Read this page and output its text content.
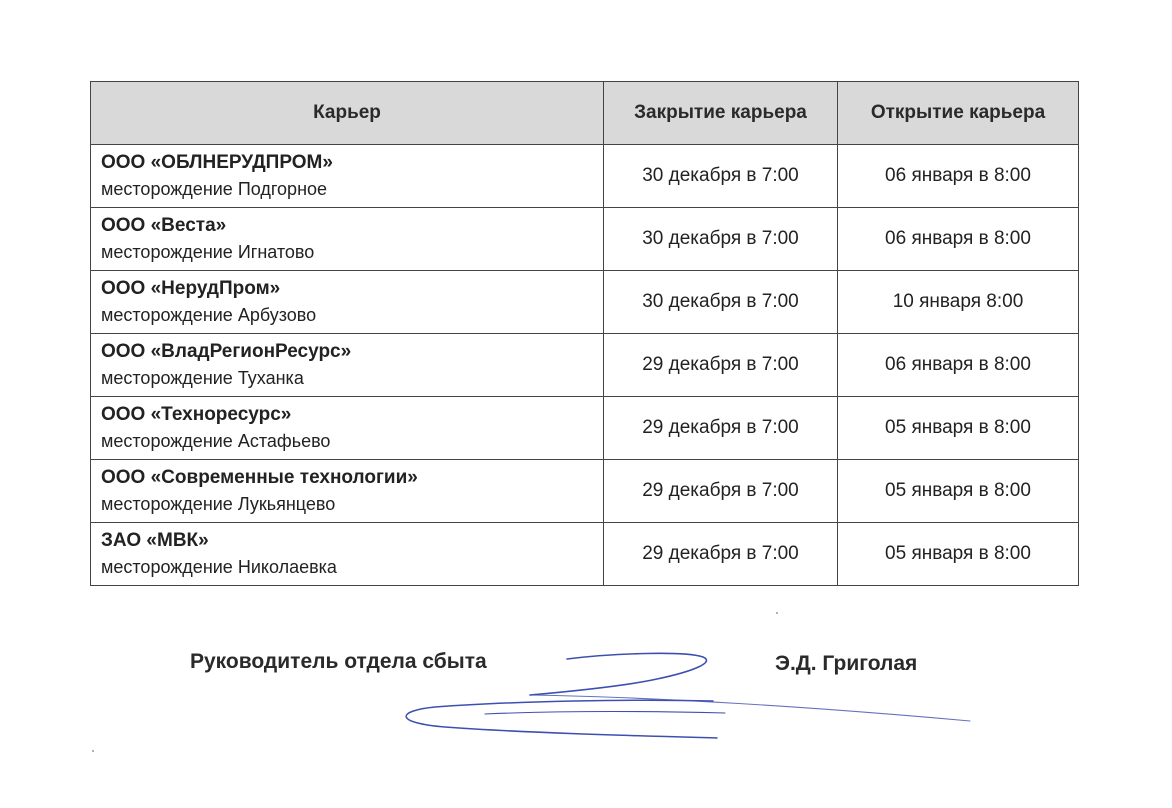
Карьер	Закрытие карьера	Открытие карьера

ООО «ОБЛНЕРУДПРОМ»
месторождение Подгорное	30 декабря в 7:00	06 января в 8:00

ООО «Веста»
месторождение Игнатово	30 декабря в 7:00	06 января в 8:00

ООО «НерудПром»
месторождение Арбузово	30 декабря в 7:00	10 января 8:00

ООО «ВладРегионРесурс»
месторождение Туханка	29 декабря в 7:00	06 января в 8:00

ООО «Техноресурс»
месторождение Астафьево	29 декабря в 7:00	05 января в 8:00

ООО «Современные технологии»
месторождение Лукьянцево	29 декабря в 7:00	05 января в 8:00

ЗАО «МВК»
месторождение Николаевка	29 декабря в 7:00	05 января в 8:00
Руководитель отдела сбыта	Э.Д. Григолая
